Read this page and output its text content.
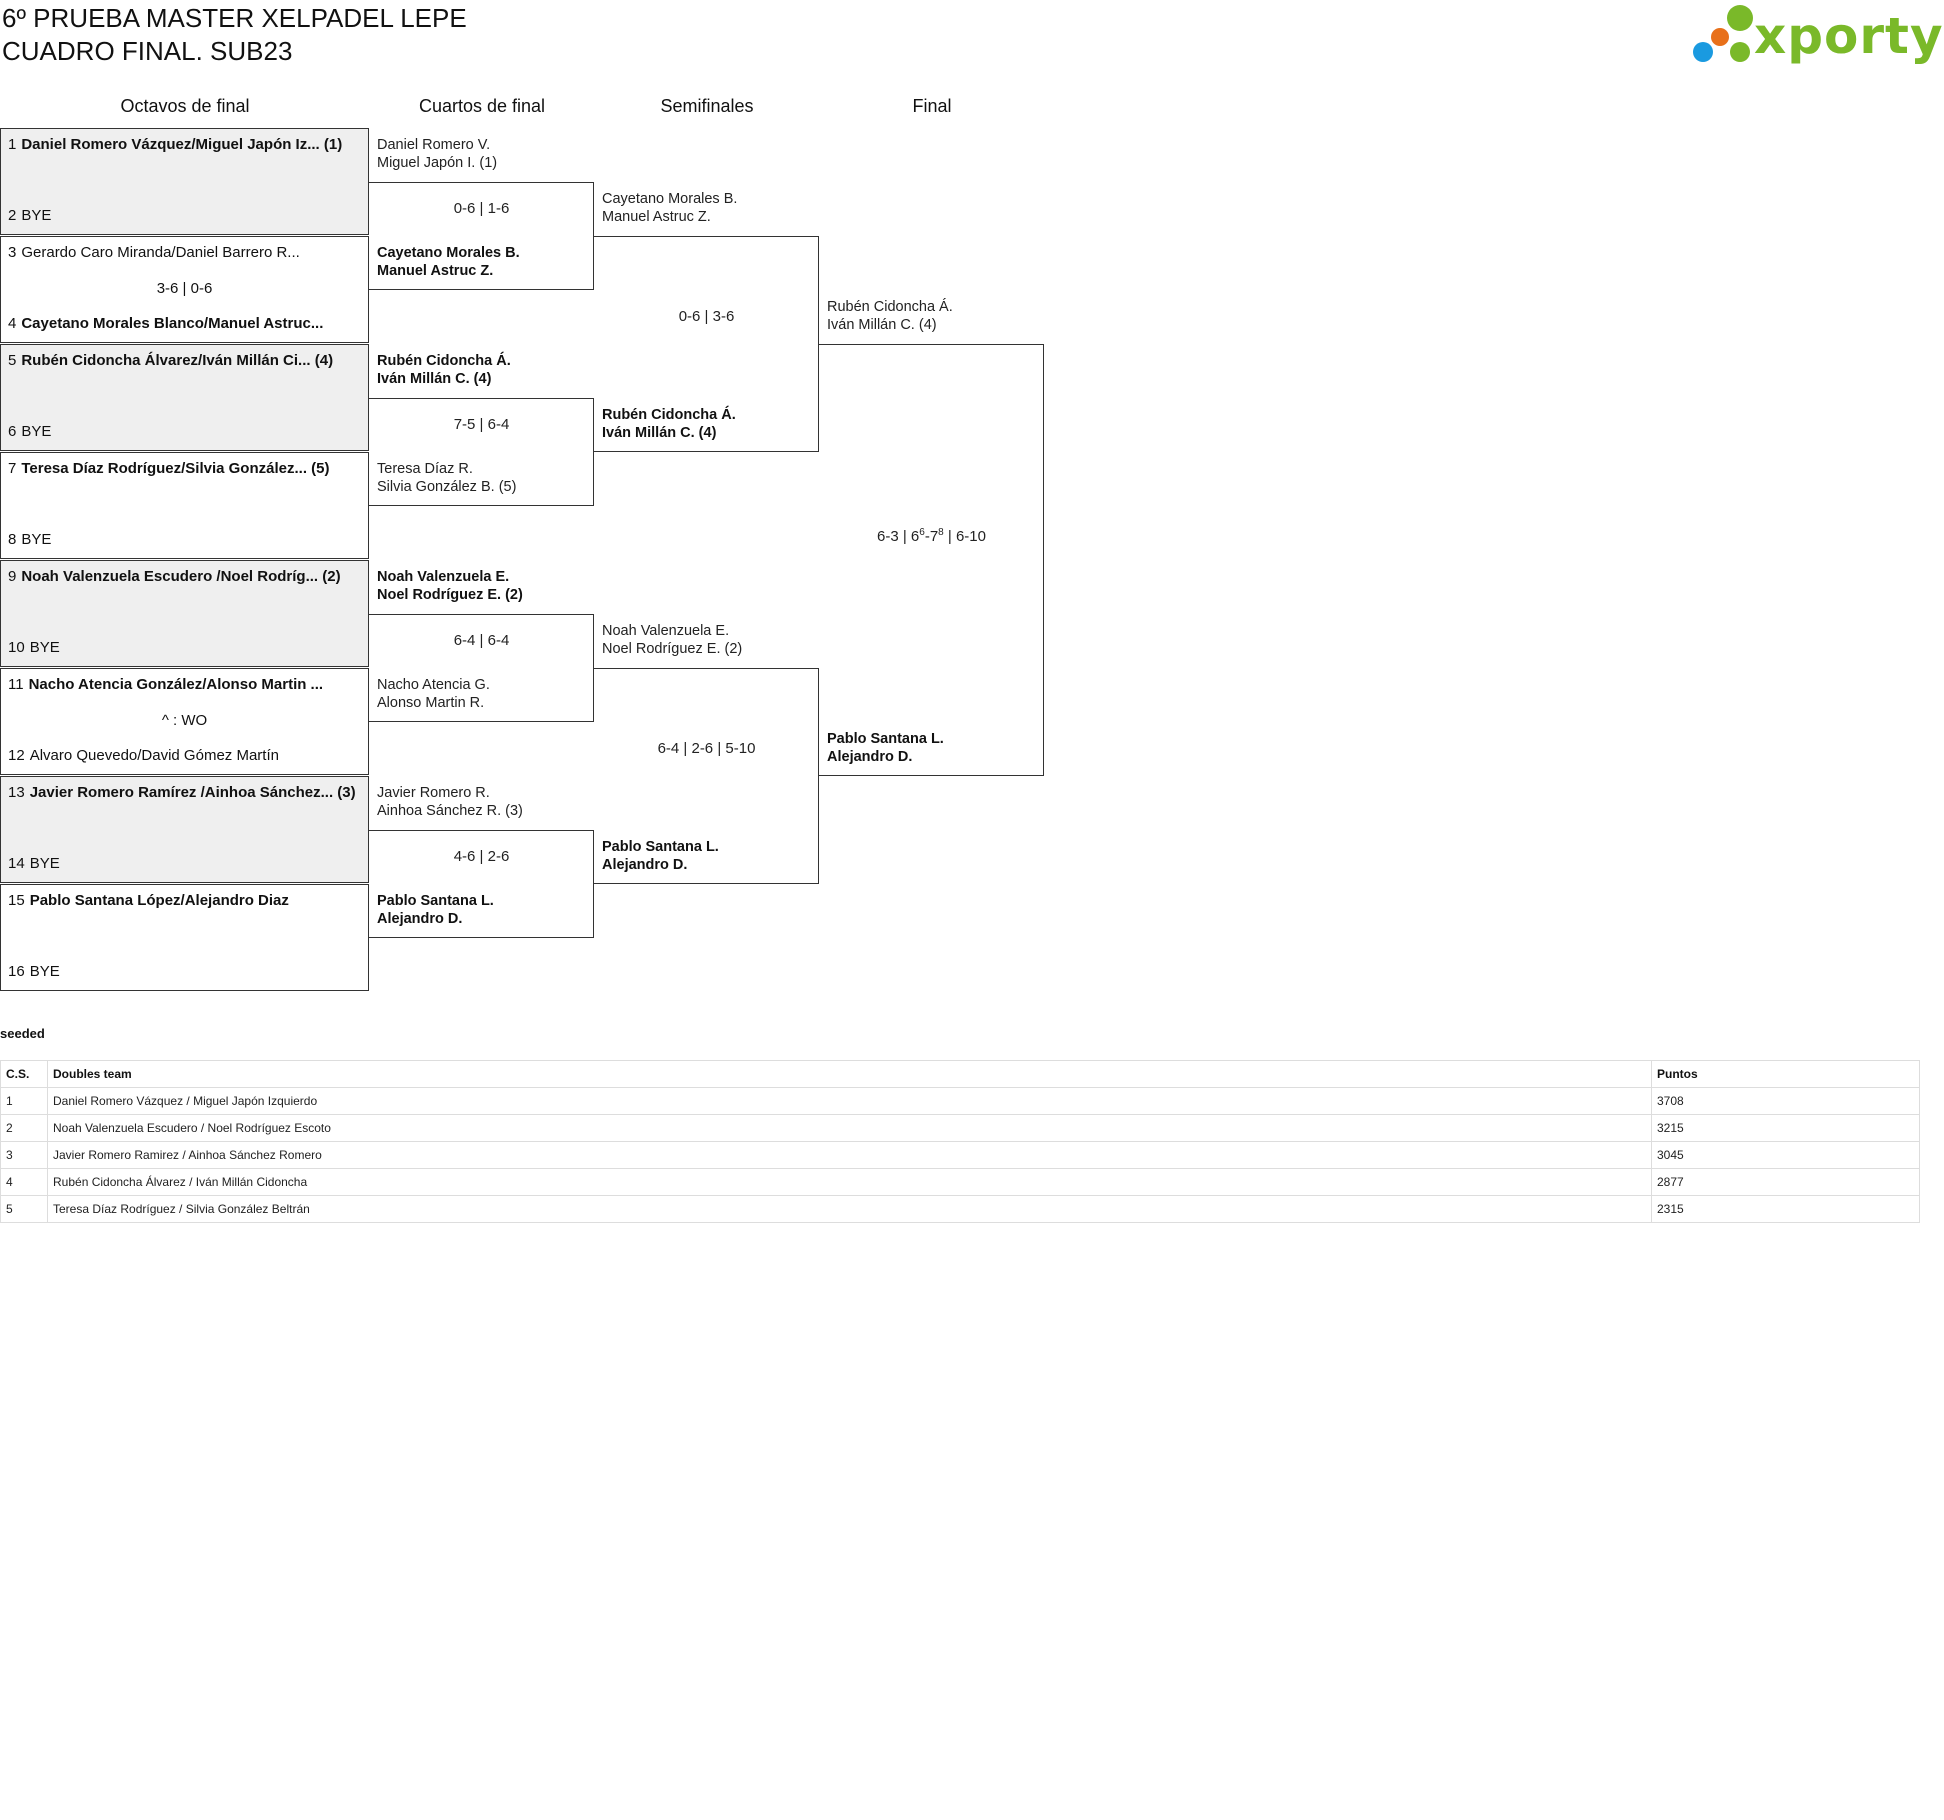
6º PRUEBA MASTER XELPADEL LEPE
CUADRO FINAL. SUB23	xporty
Octavos de final	Cuartos de final	Semifinales	Final
1 Daniel Romero Vázquez/Miguel Japón Iz... (1)
2 BYE
3 Gerardo Caro Miranda/Daniel Barrero R...
3-6 | 0-6
4 Cayetano Morales Blanco/Manuel Astruc...
5 Rubén Cidoncha Álvarez/Iván Millán Ci... (4)
6 BYE
7 Teresa Díaz Rodríguez/Silvia González... (5)
8 BYE
9 Noah Valenzuela Escudero /Noel Rodríg... (2)
10 BYE
11 Nacho Atencia González/Alonso Martin ...
^ : WO
12 Alvaro Quevedo/David Gómez Martín
13 Javier Romero Ramírez /Ainhoa Sánchez... (3)
14 BYE
15 Pablo Santana López/Alejandro Diaz
16 BYE
Daniel Romero V.
Miguel Japón I. (1)
0-6 | 1-6
Cayetano Morales B.
Manuel Astruc Z.
Rubén Cidoncha Á.
Iván Millán C. (4)
7-5 | 6-4
Teresa Díaz R.
Silvia González B. (5)
Noah Valenzuela E.
Noel Rodríguez E. (2)
6-4 | 6-4
Nacho Atencia G.
Alonso Martin R.
Javier Romero R.
Ainhoa Sánchez R. (3)
4-6 | 2-6
Pablo Santana L.
Alejandro D.
Cayetano Morales B.
Manuel Astruc Z.
0-6 | 3-6
Rubén Cidoncha Á.
Iván Millán C. (4)
Noah Valenzuela E.
Noel Rodríguez E. (2)
6-4 | 2-6 | 5-10
Pablo Santana L.
Alejandro D.
Rubén Cidoncha Á.
Iván Millán C. (4)
6-3 | $6^6-7^8$ | 6-10
Pablo Santana L.
Alejandro D.
seeded
C.S.	Doubles team	Puntos
1	Daniel Romero Vázquez / Miguel Japón Izquierdo	3708
2	Noah Valenzuela Escudero / Noel Rodríguez Escoto	3215
3	Javier Romero Ramirez / Ainhoa Sánchez Romero	3045
4	Rubén Cidoncha Álvarez / Iván Millán Cidoncha	2877
5	Teresa Díaz Rodríguez / Silvia González Beltrán	2315
